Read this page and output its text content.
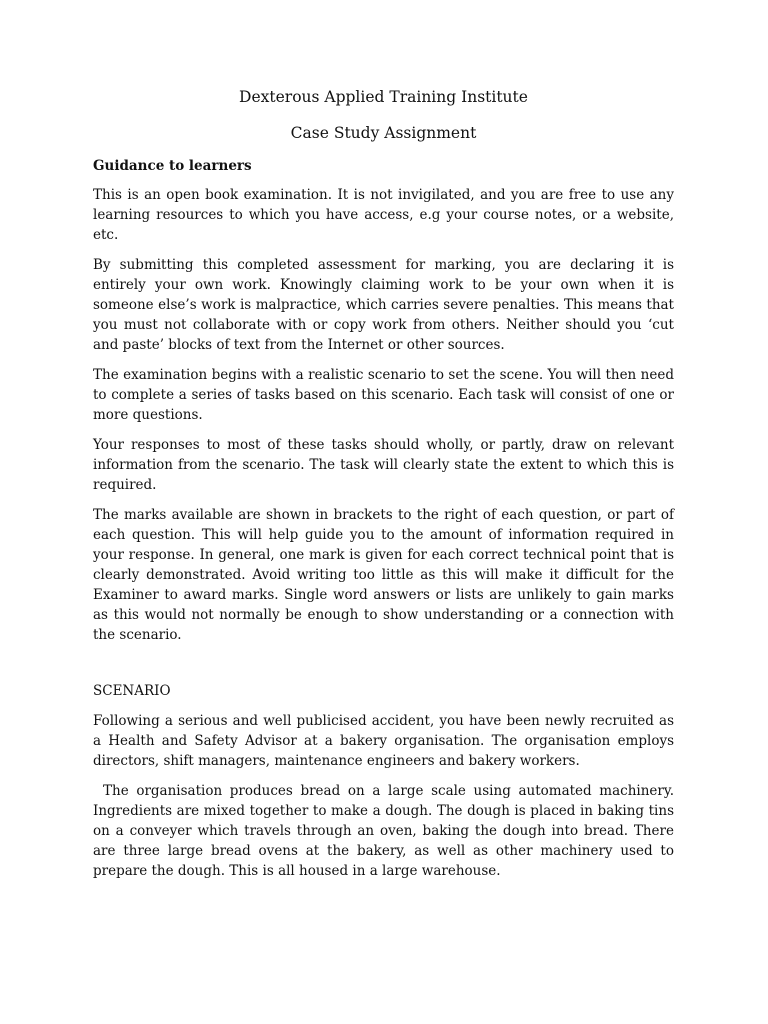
Dexterous Applied Training Institute
Case Study Assignment
Guidance to learners

This is an open book examination. It is not invigilated, and you are free to use any learning resources to which you have access, e.g your course notes, or a website, etc.

By submitting this completed assessment for marking, you are declaring it is entirely your own work. Knowingly claiming work to be your own when it is someone else’s work is malpractice, which carries severe penalties. This means that you must not collaborate with or copy work from others. Neither should you ‘cut and paste’ blocks of text from the Internet or other sources.

The examination begins with a realistic scenario to set the scene. You will then need to complete a series of tasks based on this scenario. Each task will consist of one or more questions.

Your responses to most of these tasks should wholly, or partly, draw on relevant information from the scenario. The task will clearly state the extent to which this is required.

The marks available are shown in brackets to the right of each question, or part of each question. This will help guide you to the amount of information required in your response. In general, one mark is given for each correct technical point that is clearly demonstrated. Avoid writing too little as this will make it difficult for the Examiner to award marks. Single word answers or lists are unlikely to gain marks as this would not normally be enough to show understanding or a connection with the scenario.

SCENARIO

Following a serious and well publicised accident, you have been newly recruited as a Health and Safety Advisor at a bakery organisation. The organisation employs directors, shift managers, maintenance engineers and bakery workers.

The organisation produces bread on a large scale using automated machinery. Ingredients are mixed together to make a dough. The dough is placed in baking tins on a conveyer which travels through an oven, baking the dough into bread. There are three large bread ovens at the bakery, as well as other machinery used to prepare the dough. This is all housed in a large warehouse.
